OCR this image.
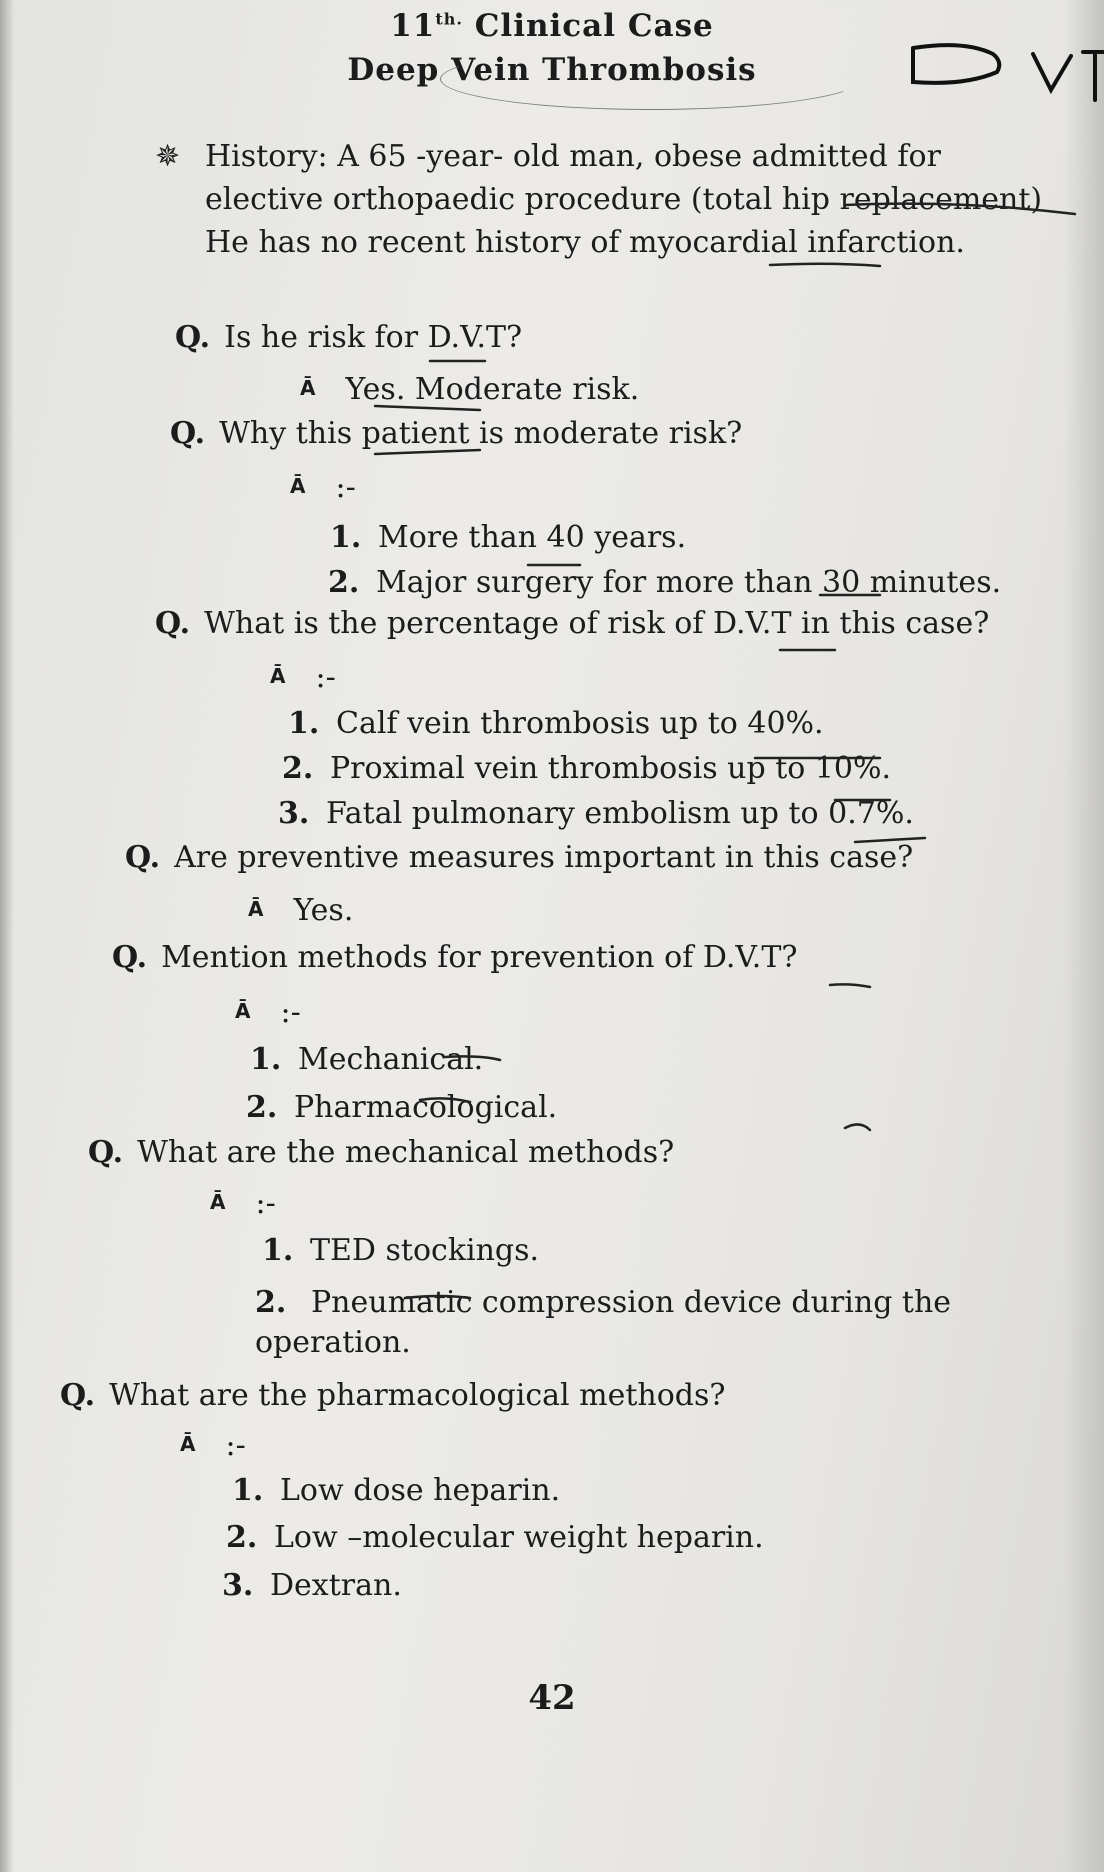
$11^{th.}$ Clinical Case
Deep Vein Thrombosis
✵ History: A 65 -year- old man, obese admitted for

elective orthopaedic procedure (total hip replacement)

He has no recent history of myocardial infarction.

Q. Is he risk for D.V.T?
Ā Yes. Moderate risk.
Q. Why this patient is moderate risk?
Ā :-
1. More than 40 years.
2. Major surgery for more than 30 minutes.
Q. What is the percentage of risk of D.V.T in this case?
Ā :-
1. Calf vein thrombosis up to 40%.
2. Proximal vein thrombosis up to 10%.
3. Fatal pulmonary embolism up to 0.7%.
Q. Are preventive measures important in this case?
Ā Yes.
Q. Mention methods for prevention of D.V.T?
Ā :-
1. Mechanical.
2. Pharmacological.
Q. What are the mechanical methods?
Ā :-
1. TED stockings.
2. Pneumatic compression device during the operation.
Q. What are the pharmacological methods?
Ā :-
1. Low dose heparin.
2. Low –molecular weight heparin.
3. Dextran.
42
